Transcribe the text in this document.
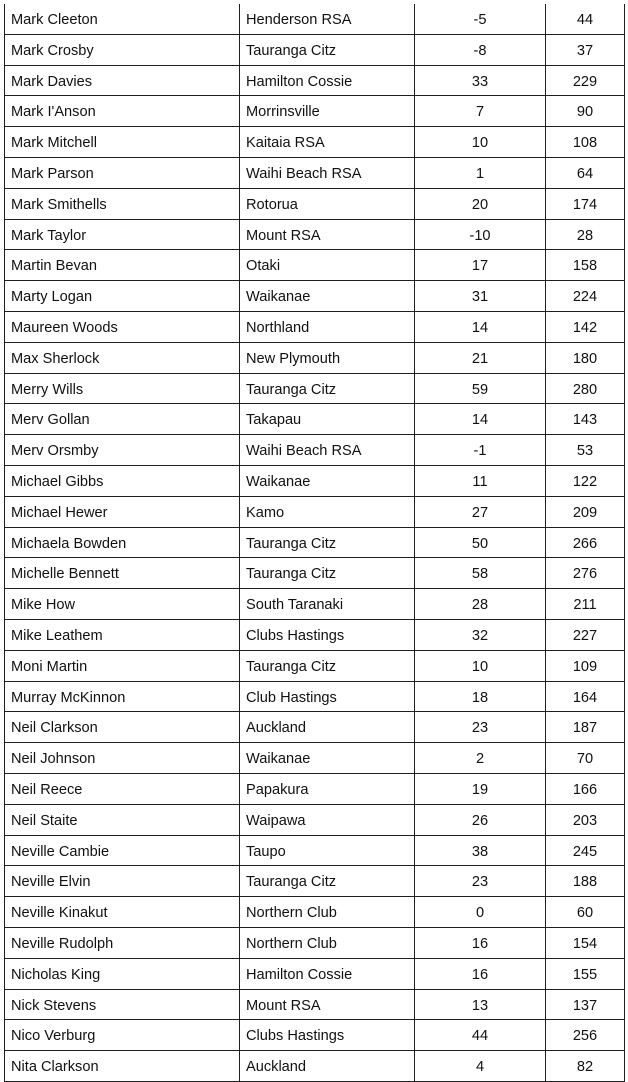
Mark Cleeton	Henderson RSA	-5	44
Mark Crosby	Tauranga Citz	-8	37
Mark Davies	Hamilton Cossie	33	229
Mark I'Anson	Morrinsville	7	90
Mark Mitchell	Kaitaia RSA	10	108
Mark Parson	Waihi Beach RSA	1	64
Mark Smithells	Rotorua	20	174
Mark Taylor	Mount RSA	-10	28
Martin Bevan	Otaki	17	158
Marty Logan	Waikanae	31	224
Maureen Woods	Northland	14	142
Max Sherlock	New Plymouth	21	180
Merry Wills	Tauranga Citz	59	280
Merv Gollan	Takapau	14	143
Merv Orsmby	Waihi Beach RSA	-1	53
Michael Gibbs	Waikanae	11	122
Michael Hewer	Kamo	27	209
Michaela Bowden	Tauranga Citz	50	266
Michelle Bennett	Tauranga Citz	58	276
Mike How	South Taranaki	28	211
Mike Leathem	Clubs Hastings	32	227
Moni Martin	Tauranga Citz	10	109
Murray McKinnon	Club Hastings	18	164
Neil Clarkson	Auckland	23	187
Neil Johnson	Waikanae	2	70
Neil Reece	Papakura	19	166
Neil Staite	Waipawa	26	203
Neville Cambie	Taupo	38	245
Neville Elvin	Tauranga Citz	23	188
Neville Kinakut	Northern Club	0	60
Neville Rudolph	Northern Club	16	154
Nicholas King	Hamilton Cossie	16	155
Nick Stevens	Mount RSA	13	137
Nico Verburg	Clubs Hastings	44	256
Nita Clarkson	Auckland	4	82
